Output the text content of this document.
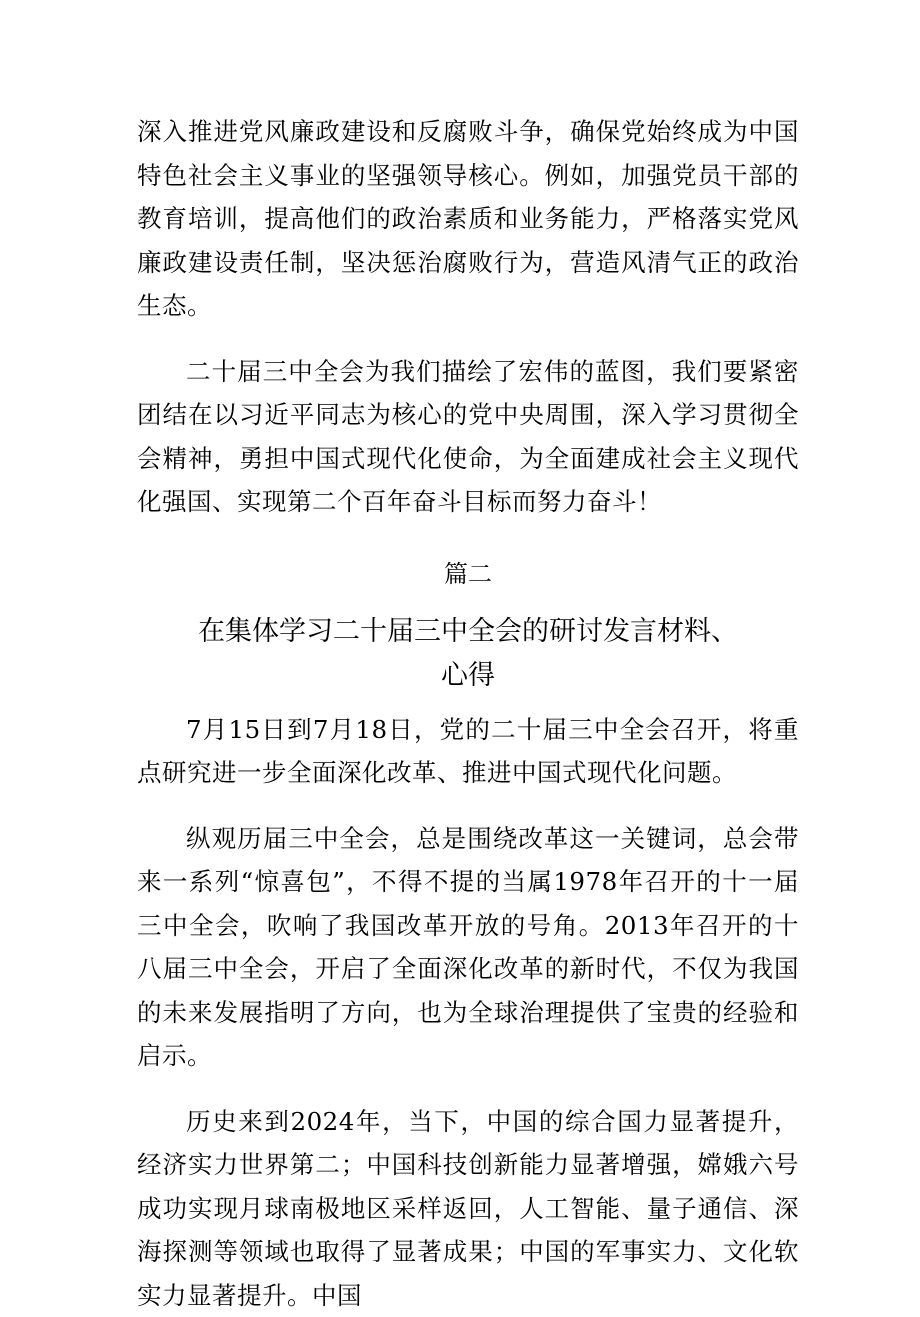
深入推进党风廉政建设和反腐败斗争，确保党始终成为中国特色社会主义事业的坚强领导核心。例如，加强党员干部的教育培训，提高他们的政治素质和业务能力，严格落实党风廉政建设责任制，坚决惩治腐败行为，营造风清气正的政治生态。

二十届三中全会为我们描绘了宏伟的蓝图，我们要紧密团结在以习近平同志为核心的党中央周围，深入学习贯彻全会精神，勇担中国式现代化使命，为全面建成社会主义现代化强国、实现第二个百年奋斗目标而努力奋斗！

篇二
在集体学习二十届三中全会的研讨发言材料、
心得

7月15日到7月18日，党的二十届三中全会召开，将重点研究进一步全面深化改革、推进中国式现代化问题。

纵观历届三中全会，总是围绕改革这一关键词，总会带来一系列“惊喜包”，不得不提的当属1978年召开的十一届三中全会，吹响了我国改革开放的号角。2013年召开的十八届三中全会，开启了全面深化改革的新时代，不仅为我国的未来发展指明了方向，也为全球治理提供了宝贵的经验和启示。

历史来到2024年，当下，中国的综合国力显著提升，经济实力世界第二；中国科技创新能力显著增强，嫦娥六号成功实现月球南极地区采样返回，人工智能、量子通信、深海探测等领域也取得了显著成果；中国的军事实力、文化软实力显著提升。中国
